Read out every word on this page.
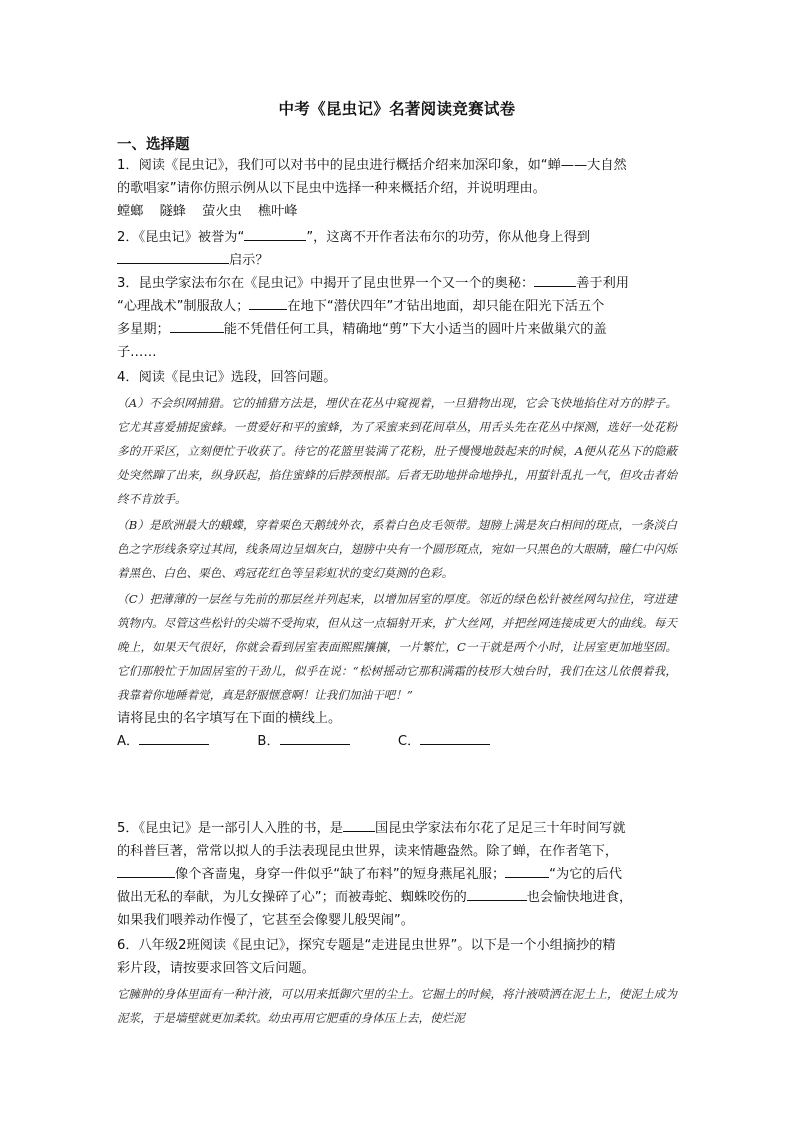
中考《昆虫记》名著阅读竞赛试卷
一、选择题

1．阅读《昆虫记》，我们可以对书中的昆虫进行概括介绍来加深印象，如“蝉——大自然

的歌唱家”请你仿照示例从以下昆虫中选择一种来概括介绍，并说明理由。

螳螂 隧蜂 萤火虫 樵叶峰

2．《昆虫记》被誉为“	”，这离不开作者法布尔的功劳，你从他身上得到

启示？

3．昆虫学家法布尔在《昆虫记》中揭开了昆虫世界一个又一个的奥秘：	善于利用

“心理战术”制服敌人；	在地下“潜伏四年”才钻出地面，却只能在阳光下活五个

多星期；	能不凭借任何工具，精确地“剪”下大小适当的圆叶片来做巢穴的盖

子……

4．阅读《昆虫记》选段，回答问题。

（A）不会织网捕猎。它的捕猎方法是，埋伏在花丛中窥视着，一旦猎物出现，它会飞快地掐住对方的脖子。它尤其喜爱捕捉蜜蜂。一贯爱好和平的蜜蜂，为了采蜜来到花间草丛，用舌头先在花丛中探测，选好一处花粉多的开采区，立刻便忙于收获了。待它的花篮里装满了花粉，肚子慢慢地鼓起来的时候，A便从花丛下的隐蔽处突然蹿了出来，纵身跃起，掐住蜜蜂的后脖颈根部。后者无助地拼命地挣扎，用蜇针乱扎一气，但攻击者始终不肯放手。

（B）是欧洲最大的蛾蝶，穿着栗色天鹅绒外衣，系着白色皮毛领带。翅膀上满是灰白相间的斑点，一条淡白色之字形线条穿过其间，线条周边呈烟灰白，翅膀中央有一个圆形斑点，宛如一只黑色的大眼睛，瞳仁中闪烁着黑色、白色、栗色、鸡冠花红色等呈彩虹状的变幻莫测的色彩。

（C）把薄薄的一层丝与先前的那层丝并列起来，以增加居室的厚度。邻近的绿色松针被丝网勾拉住，穹进建筑物内。尽管这些松针的尖端不受拘束，但从这一点辐射开来，扩大丝网，并把丝网连接成更大的曲线。每天晚上，如果天气很好，你就会看到居室表面熙熙攘攘，一片繁忙，C一干就是两个小时，让居室更加地坚固。它们那般忙于加固居室的干劲儿，似乎在说：“松树摇动它那积满霜的枝形大烛台时，我们在这儿依偎着我，我靠着你地睡着觉，真是舒服惬意啊！让我们加油干吧！”

请将昆虫的名字填写在下面的横线上。

A．	B．	C．

5．《昆虫记》是一部引人入胜的书，是 国昆虫学家法布尔花了足足三十年时间写就

的科普巨著，常常以拟人的手法表现昆虫世界，读来情趣盎然。除了蝉，在作者笔下，

像个吝啬鬼，身穿一件似乎“缺了布料”的短身燕尾礼服；	“为它的后代

做出无私的奉献，为儿女操碎了心”；而被毒蛇、蜘蛛咬伤的	也会愉快地进食，

如果我们喂养动作慢了，它甚至会像婴儿般哭闹”。

6．八年级2班阅读《昆虫记》，探究专题是“走进昆虫世界”。以下是一个小组摘抄的精

彩片段，请按要求回答文后问题。

它臃肿的身体里面有一种汁液，可以用来抵御穴里的尘土。它掘土的时候，将汁液喷洒在泥土上，使泥土成为泥浆，于是墙壁就更加柔软。幼虫再用它肥重的身体压上去，使烂泥
